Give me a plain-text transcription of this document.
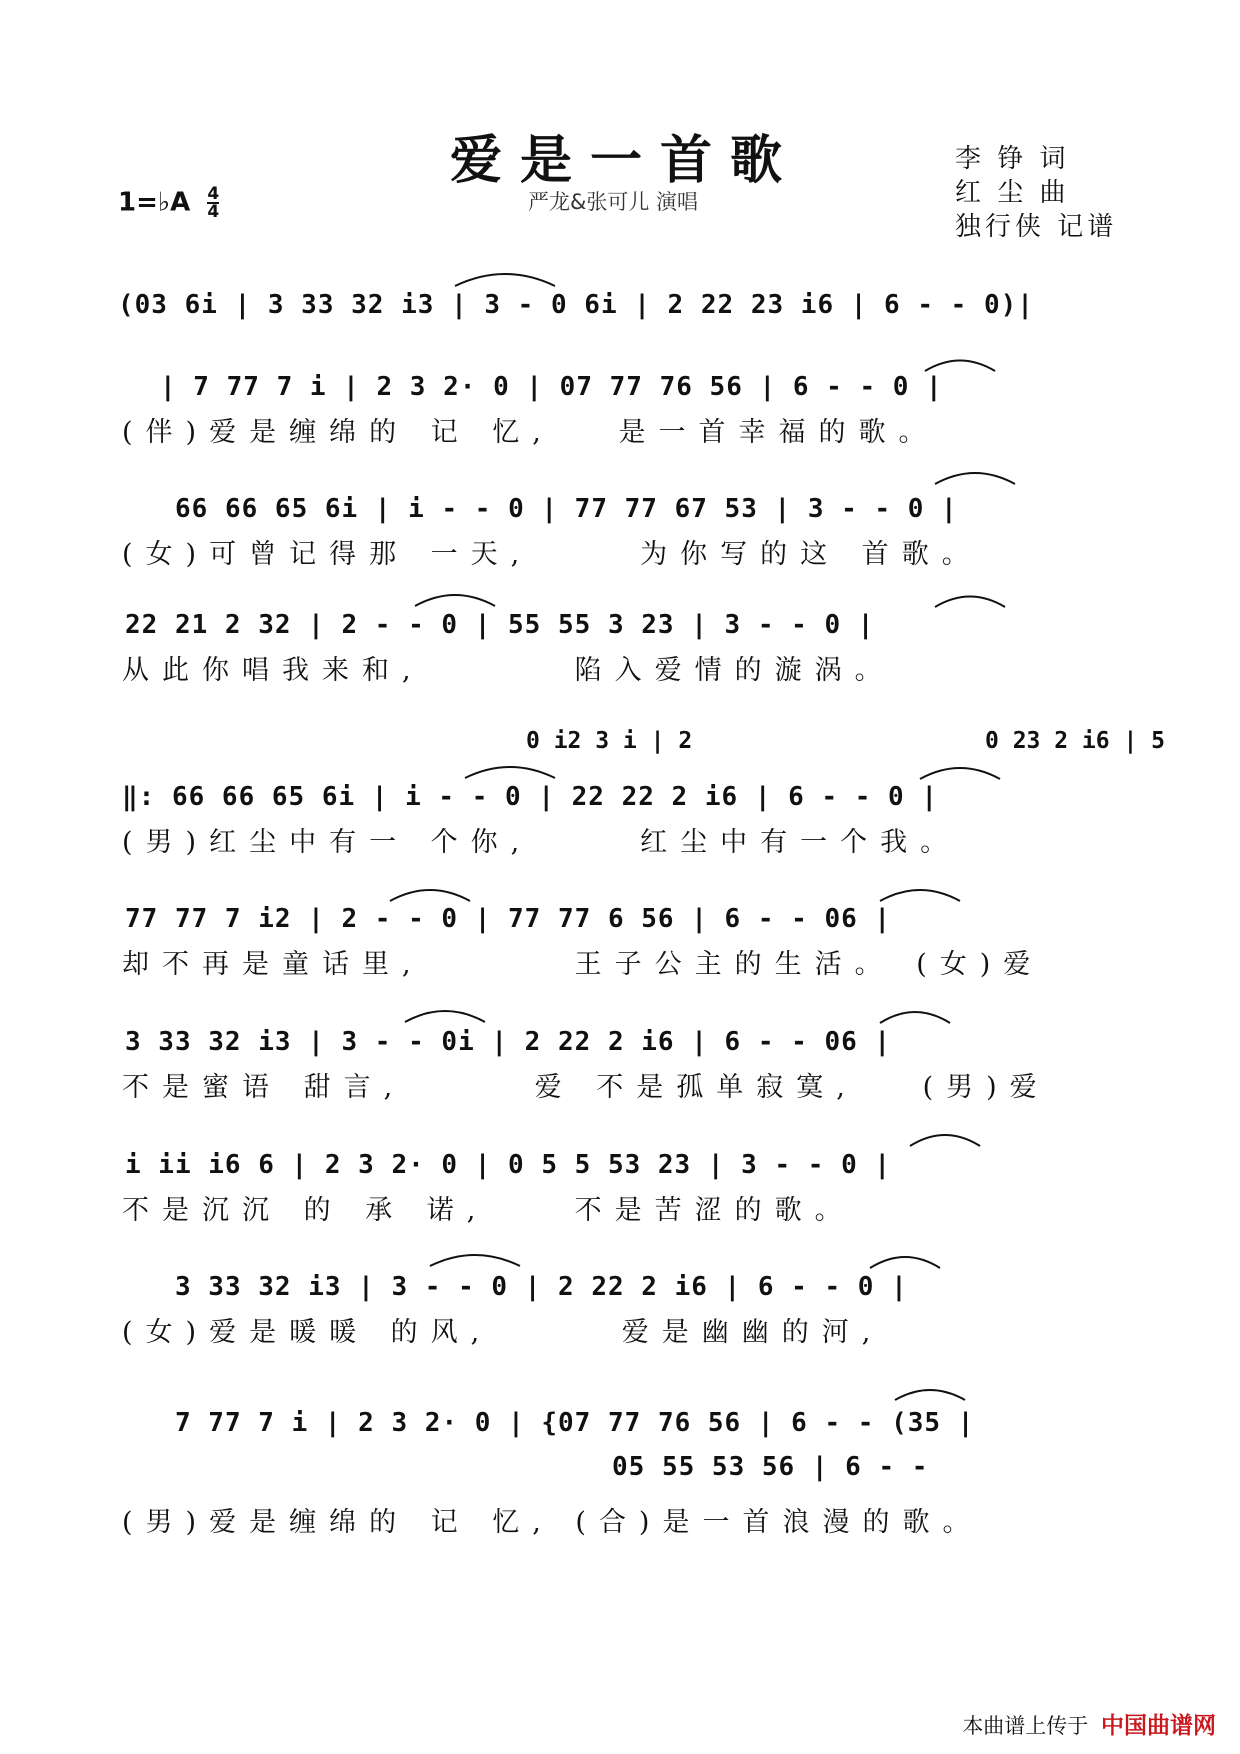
爱是一首歌
严龙&张可儿 演唱
1=♭A $\frac{4}{4}$
李 铮 词
红 尘 曲
独行侠 记谱
(03 6i | 3 33 32 i3 | 3 - 0 6i | 2 22 23 i6 | 6 - - 0)|
| 7 77 7 i | 2 3 2· 0 | 07 77 76 56 | 6 - - 0 |
(伴)爱是缠绵的 记 忆,   是一首幸福的歌。
66 66 65 6i | i - - 0 | 77 77 67 53 | 3 - - 0 |
(女)可曾记得那 一天,     为你写的这 首歌。
22 21 2 32 | 2 - - 0 | 55 55 3 23 | 3 - - 0 |
从此你唱我来和,       陷入爱情的漩涡。
0 i2 3 i | 2	0 23 2 i6 | 5
‖: 66 66 65 6i | i - - 0 | 22 22 2 i6 | 6 - - 0 |
(男)红尘中有一 个你,     红尘中有一个我。
77 77 7 i2 | 2 - - 0 | 77 77 6 56 | 6 - - 06 |
却不再是童话里,       王子公主的生活。 (女)爱
3 33 32 i3 | 3 - - 0i | 2 22 2 i6 | 6 - - 06 |
不是蜜语 甜言,      爱 不是孤单寂寞,   (男)爱
i ii i6 6 | 2 3 2· 0 | 0 5 5 53 23 | 3 - - 0 |
不是沉沉 的 承 诺,    不是苦涩的歌。
3 33 32 i3 | 3 - - 0 | 2 22 2 i6 | 6 - - 0 |
(女)爱是暖暖 的风,      爱是幽幽的河,
7 77 7 i | 2 3 2· 0 | {07 77 76 56 | 6 - - (35 |
05 55 53 56 | 6 - -
(男)爱是缠绵的 记 忆, (合)是一首浪漫的歌。
本曲谱上传于 中国曲谱网
